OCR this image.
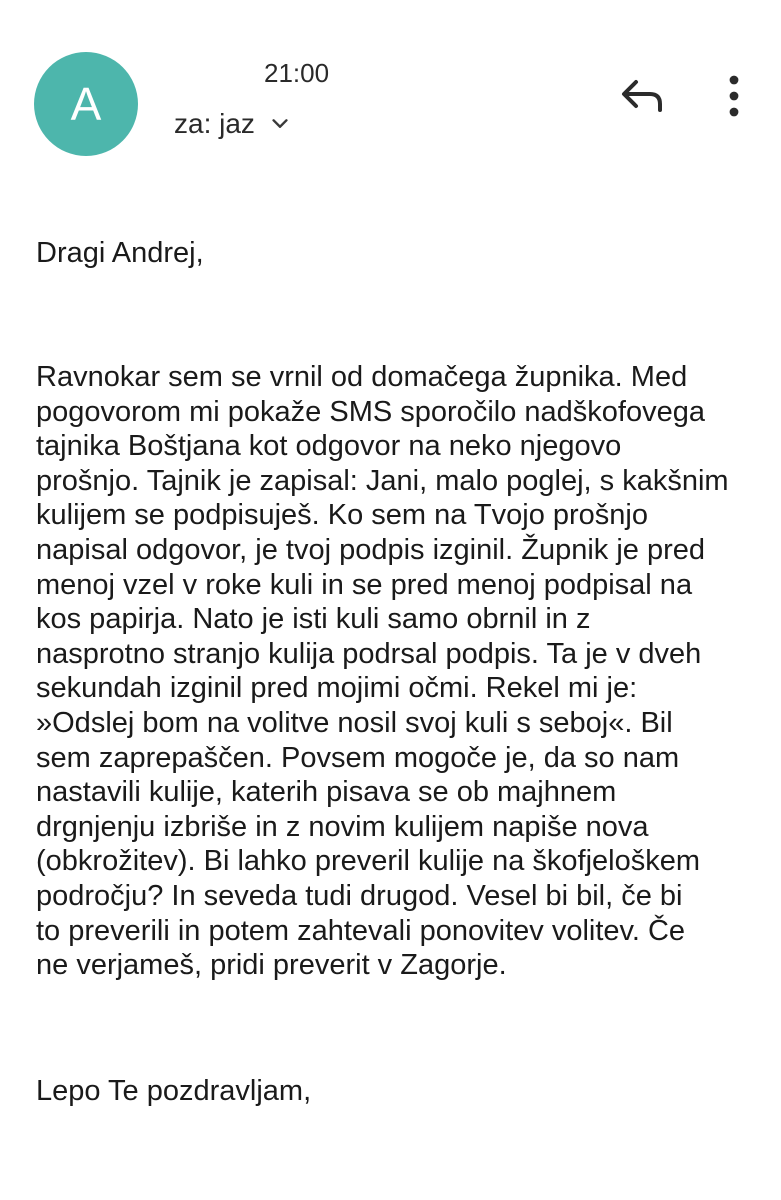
A
21:00
za: jaz

Dragi Andrej,

Ravnokar sem se vrnil od domačega župnika. Med
pogovorom mi pokaže SMS sporočilo nadškofovega
tajnika Boštjana kot odgovor na neko njegovo
prošnjo. Tajnik je zapisal: Jani, malo poglej, s kakšnim
kulijem se podpisuješ. Ko sem na Tvojo prošnjo
napisal odgovor, je tvoj podpis izginil. Župnik je pred
menoj vzel v roke kuli in se pred menoj podpisal na
kos papirja. Nato je isti kuli samo obrnil in z
nasprotno stranjo kulija podrsal podpis. Ta je v dveh
sekundah izginil pred mojimi očmi. Rekel mi je:
»Odslej bom na volitve nosil svoj kuli s seboj«. Bil
sem zaprepaščen. Povsem mogoče je, da so nam
nastavili kulije, katerih pisava se ob majhnem
drgnjenju izbriše in z novim kulijem napiše nova
(obkrožitev). Bi lahko preveril kulije na škofjeloškem
področju? In seveda tudi drugod. Vesel bi bil, če bi
to preverili in potem zahtevali ponovitev volitev. Če
ne verjameš, pridi preverit v Zagorje.

Lepo Te pozdravljam,
